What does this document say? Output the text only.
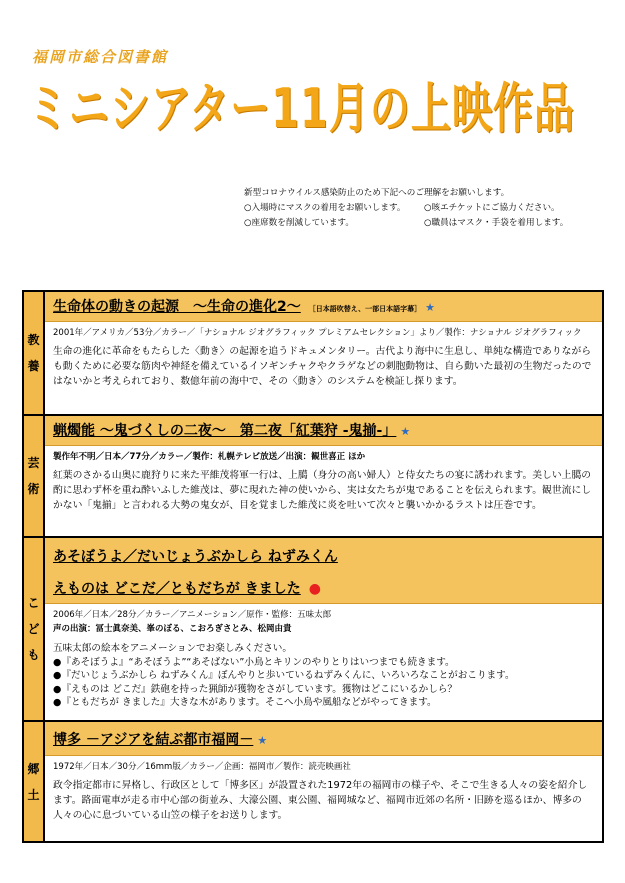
福岡市総合図書館
ミニシアター11月の上映作品
新型コロナウイルス感染防止のため下記へのご理解をお願いします。
○入場時にマスクの着用をお願いします。	○咳エチケットにご協力ください。
○座席数を削減しています。	○職員はマスク・手袋を着用します。
教
養
生命体の動きの起源　～生命の進化2～ ［日本語吹替え、一部日本語字幕］ ★
2001年／アメリカ／53分／カラー／「ナショナル ジオグラフィック プレミアムセレクション」より／製作：ナショナル ジオグラフィック
生命の進化に革命をもたらした〈動き〉の起源を追うドキュメンタリー。古代より海中に生息し、単純な構造でありながらも動くために必要な筋肉や神経を備えているイソギンチャクやクラゲなどの刺胞動物は、自ら動いた最初の生物だったのではないかと考えられており、数億年前の海中で、その〈動き〉のシステムを検証し探ります。
芸
術
蝋燭能 ～鬼づくしの二夜～　第二夜「紅葉狩 -鬼揃-」 ★
製作年不明／日本／77分／カラー／製作：札幌テレビ放送／出演：観世喜正 ほか
紅葉のさかる山奥に鹿狩りに来た平維茂将軍一行は、上臈（身分の高い婦人）と侍女たちの宴に誘われます。美しい上臈の酌に思わず杯を重ね酔いふした維茂は、夢に現れた神の使いから、実は女たちが鬼であることを伝えられます。観世流にしかない「鬼揃」と言われる大勢の鬼女が、目を覚ました維茂に炎を吐いて次々と襲いかかるラストは圧巻です。
こ
ど
も
あそぼうよ／だいじょうぶかしら ねずみくん
えものは どこだ／ともだちが きました ●
2006年／日本／28分／カラー／アニメーション／原作・監修：五味太郎
声の出演：冨士眞奈美、峯のぼる、こおろぎさとみ、松岡由貴
五味太郎の絵本をアニメーションでお楽しみください。
●『あそぼうよ』“あそぼうよ”“あそばない”小鳥とキリンのやりとりはいつまでも続きます。
●『だいじょうぶかしら ねずみくん』ぼんやりと歩いているねずみくんに、いろいろなことがおこります。
●『えものは どこだ』鉄砲を持った猟師が獲物をさがしています。獲物はどこにいるかしら？
●『ともだちが きました』大きな木があります。そこへ小鳥や風船などがやってきます。
郷
土
博多 －アジアを結ぶ都市福岡－ ★
1972年／日本／30分／16mm版／カラー／企画：福岡市／製作：読売映画社
政令指定都市に昇格し、行政区として「博多区」が設置された1972年の福岡市の様子や、そこで生きる人々の姿を紹介します。路面電車が走る市中心部の街並み、大濠公園、東公園、福岡城など、福岡市近郊の名所・旧跡を巡るほか、博多の人々の心に息づいている山笠の様子をお送りします。
